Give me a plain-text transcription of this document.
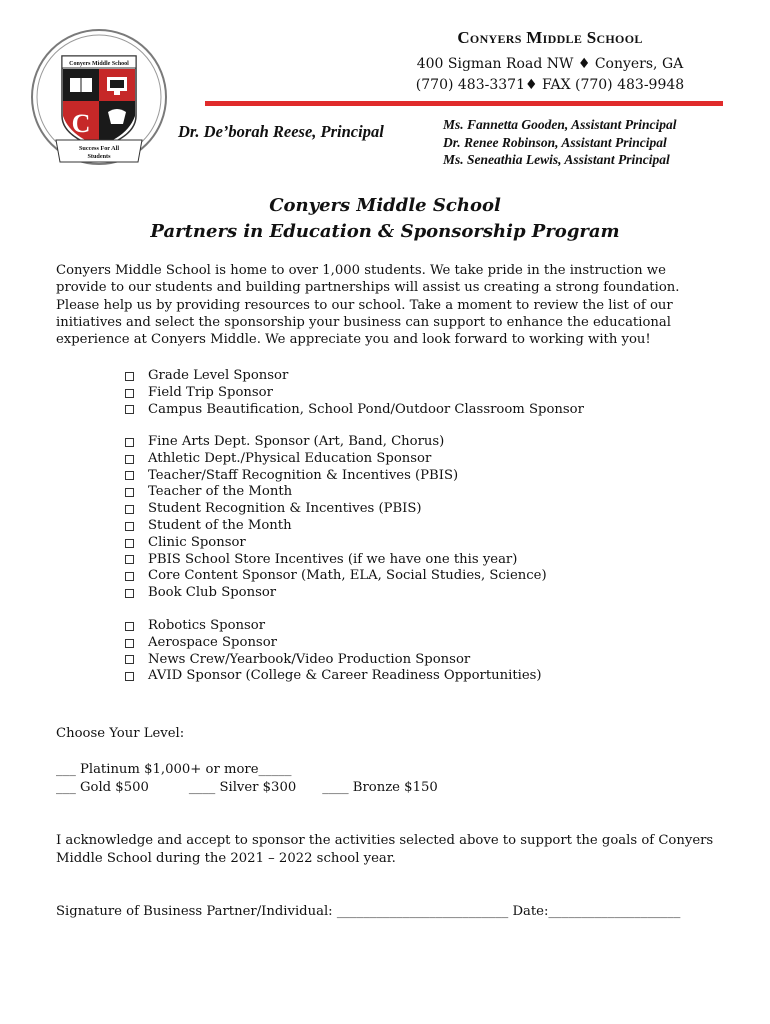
Conyers Middle School
C
Success For All
Students
Conyers Middle School
400 Sigman Road NW ♦ Conyers, GA
(770) 483-3371♦ FAX (770) 483-9948
Dr. De’borah Reese, Principal	Ms. Fannetta Gooden, Assistant Principal
Dr. Renee Robinson, Assistant Principal
Ms. Seneathia Lewis, Assistant Principal
Conyers Middle School
Partners in Education & Sponsorship Program
Conyers Middle School is home to over 1,000 students. We take pride in the instruction we
provide to our students and building partnerships will assist us creating a strong foundation.
Please help us by providing resources to our school. Take a moment to review the list of our
initiatives and select the sponsorship your business can support to enhance the educational
experience at Conyers Middle. We appreciate you and look forward to working with you!
Grade Level Sponsor
Field Trip Sponsor
Campus Beautification, School Pond/Outdoor Classroom Sponsor
Fine Arts Dept. Sponsor (Art, Band, Chorus)
Athletic Dept./Physical Education Sponsor
Teacher/Staff Recognition & Incentives (PBIS)
Teacher of the Month
Student Recognition & Incentives (PBIS)
Student of the Month
Clinic Sponsor
PBIS School Store Incentives (if we have one this year)
Core Content Sponsor (Math, ELA, Social Studies, Science)
Book Club Sponsor
Robotics Sponsor
Aerospace Sponsor
News Crew/Yearbook/Video Production Sponsor
AVID Sponsor (College & Career Readiness Opportunities)
Choose Your Level:
___ Platinum $1,000+ or more_____
___ Gold $500	____ Silver $300 ____ Bronze $150
I acknowledge and accept to sponsor the activities selected above to support the goals of Conyers
Middle School during the 2021 – 2022 school year.
Signature of Business Partner/Individual: __________________________ Date:____________________
